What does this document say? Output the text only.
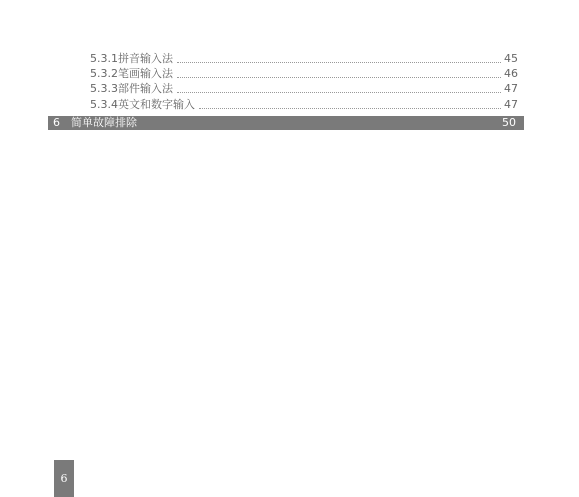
5.3.1 拼音输入法	45
5.3.2 笔画输入法	46
5.3.3 部件输入法	47
5.3.4 英文和数字输入	47
6	简单故障排除	50
6
